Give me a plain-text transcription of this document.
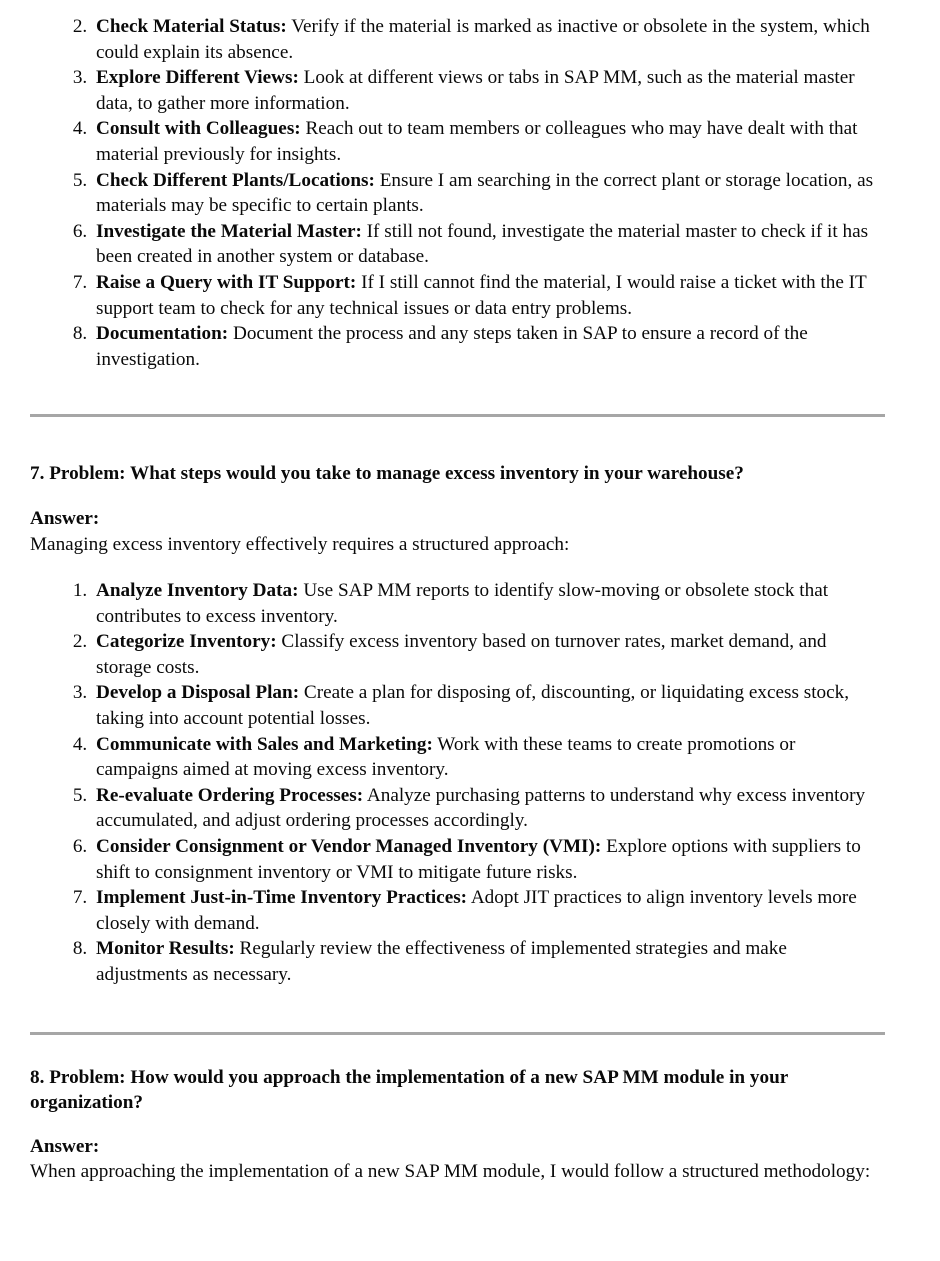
2. Check Material Status: Verify if the material is marked as inactive or obsolete in the system, which could explain its absence.
3. Explore Different Views: Look at different views or tabs in SAP MM, such as the material master data, to gather more information.
4. Consult with Colleagues: Reach out to team members or colleagues who may have dealt with that material previously for insights.
5. Check Different Plants/Locations: Ensure I am searching in the correct plant or storage location, as materials may be specific to certain plants.
6. Investigate the Material Master: If still not found, investigate the material master to check if it has been created in another system or database.
7. Raise a Query with IT Support: If I still cannot find the material, I would raise a ticket with the IT support team to check for any technical issues or data entry problems.
8. Documentation: Document the process and any steps taken in SAP to ensure a record of the investigation.

7. Problem: What steps would you take to manage excess inventory in your warehouse?

Answer:

Managing excess inventory effectively requires a structured approach:

1. Analyze Inventory Data: Use SAP MM reports to identify slow-moving or obsolete stock that contributes to excess inventory.
2. Categorize Inventory: Classify excess inventory based on turnover rates, market demand, and storage costs.
3. Develop a Disposal Plan: Create a plan for disposing of, discounting, or liquidating excess stock, taking into account potential losses.
4. Communicate with Sales and Marketing: Work with these teams to create promotions or campaigns aimed at moving excess inventory.
5. Re-evaluate Ordering Processes: Analyze purchasing patterns to understand why excess inventory accumulated, and adjust ordering processes accordingly.
6. Consider Consignment or Vendor Managed Inventory (VMI): Explore options with suppliers to shift to consignment inventory or VMI to mitigate future risks.
7. Implement Just-in-Time Inventory Practices: Adopt JIT practices to align inventory levels more closely with demand.
8. Monitor Results: Regularly review the effectiveness of implemented strategies and make adjustments as necessary.

8. Problem: How would you approach the implementation of a new SAP MM module in your organization?

Answer:

When approaching the implementation of a new SAP MM module, I would follow a structured methodology:
